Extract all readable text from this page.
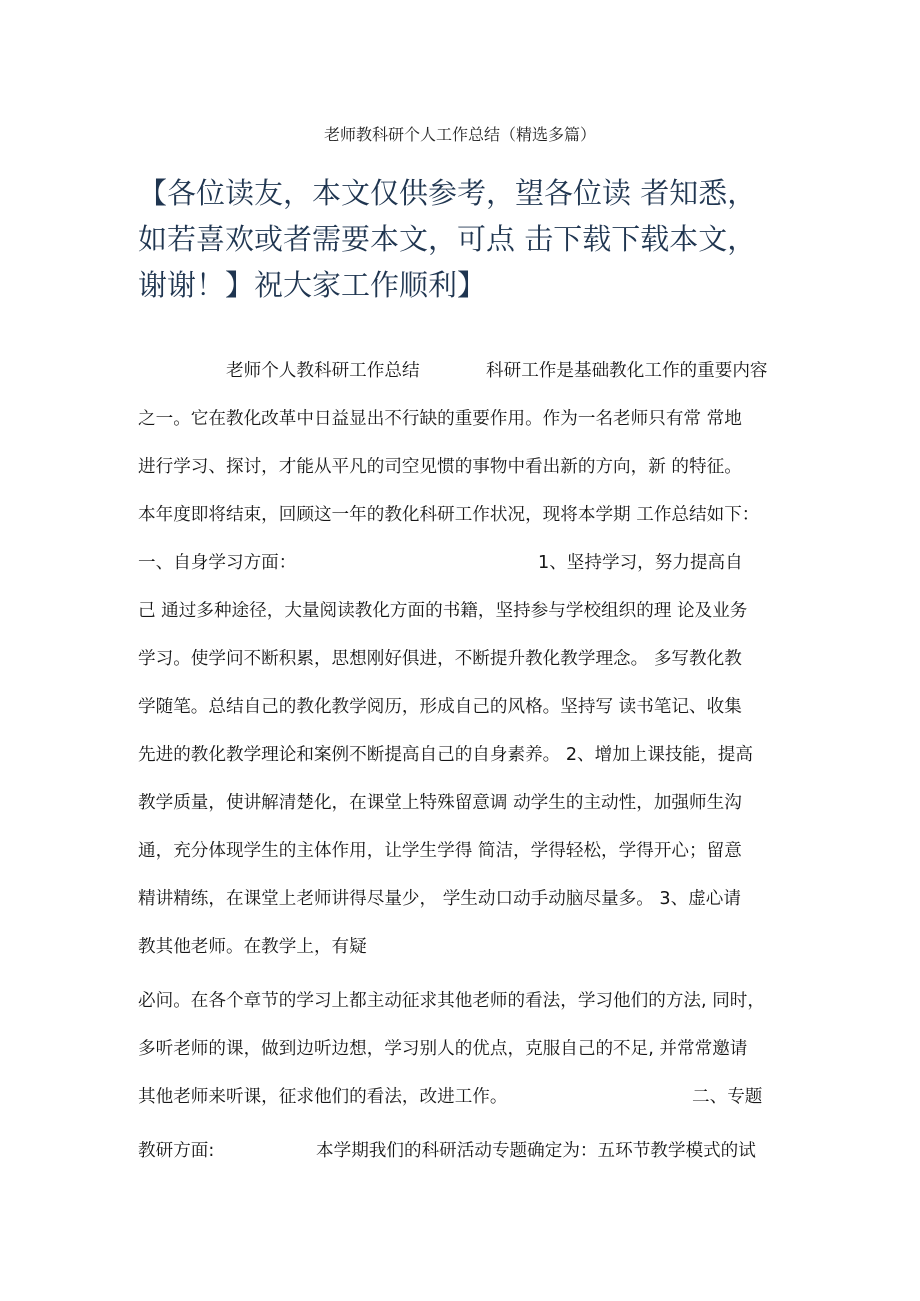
老师教科研个人工作总结（精选多篇）
【各位读友，本文仅供参考，望各位读 者知悉，
如若喜欢或者需要本文，可点 击下载下载本文，
谢谢！】祝大家工作顺利】
老师个人教科研工作总结	科研工作是基础教化工作的重要内容
之一。它在教化改革中日益显出不行缺的重要作用。作为一名老师只有常 常地
进行学习、探讨，才能从平凡的司空见惯的事物中看出新的方向，新 的特征。
本年度即将结束，回顾这一年的教化科研工作状况，现将本学期 工作总结如下：
一、自身学习方面：	1、坚持学习，努力提高自
己 通过多种途径，大量阅读教化方面的书籍，坚持参与学校组织的理 论及业务
学习。使学问不断积累，思想刚好俱进，不断提升教化教学理念。 多写教化教
学随笔。总结自己的教化教学阅历，形成自己的风格。坚持写 读书笔记、收集
先进的教化教学理论和案例不断提高自己的自身素养。 2、增加上课技能，提高
教学质量，使讲解清楚化，在课堂上特殊留意调 动学生的主动性，加强师生沟
通，充分体现学生的主体作用，让学生学得 简洁，学得轻松，学得开心；留意
精讲精练，在课堂上老师讲得尽量少， 学生动口动手动脑尽量多。 3、虚心请
教其他老师。在教学上，有疑
必问。在各个章节的学习上都主动征求其他老师的看法，学习他们的方法, 同时，
多听老师的课，做到边听边想，学习别人的优点，克服自己的不足, 并常常邀请
其他老师来听课，征求他们的看法，改进工作。	二、专题
教研方面:	本学期我们的科研活动专题确定为：五环节教学模式的试
